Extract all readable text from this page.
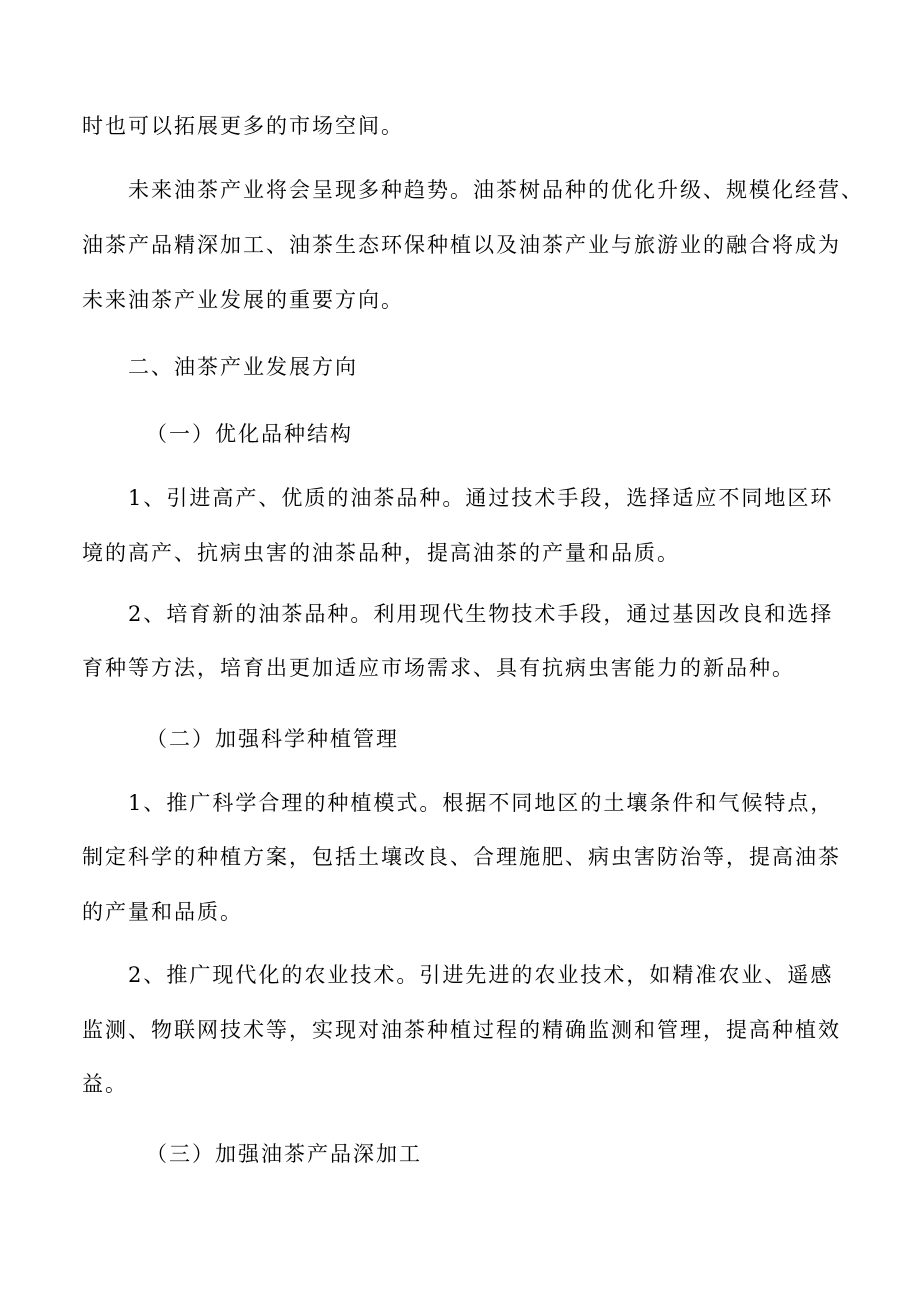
时也可以拓展更多的市场空间。
未来油茶产业将会呈现多种趋势。油茶树品种的优化升级、规模化经营、
油茶产品精深加工、油茶生态环保种植以及油茶产业与旅游业的融合将成为
未来油茶产业发展的重要方向。
二、油茶产业发展方向
（一）优化品种结构
1、引进高产、优质的油茶品种。通过技术手段，选择适应不同地区环
境的高产、抗病虫害的油茶品种，提高油茶的产量和品质。
2、培育新的油茶品种。利用现代生物技术手段，通过基因改良和选择
育种等方法，培育出更加适应市场需求、具有抗病虫害能力的新品种。
（二）加强科学种植管理
1、推广科学合理的种植模式。根据不同地区的土壤条件和气候特点，
制定科学的种植方案，包括土壤改良、合理施肥、病虫害防治等，提高油茶
的产量和品质。
2、推广现代化的农业技术。引进先进的农业技术，如精准农业、遥感
监测、物联网技术等，实现对油茶种植过程的精确监测和管理，提高种植效
益。
（三）加强油茶产品深加工
